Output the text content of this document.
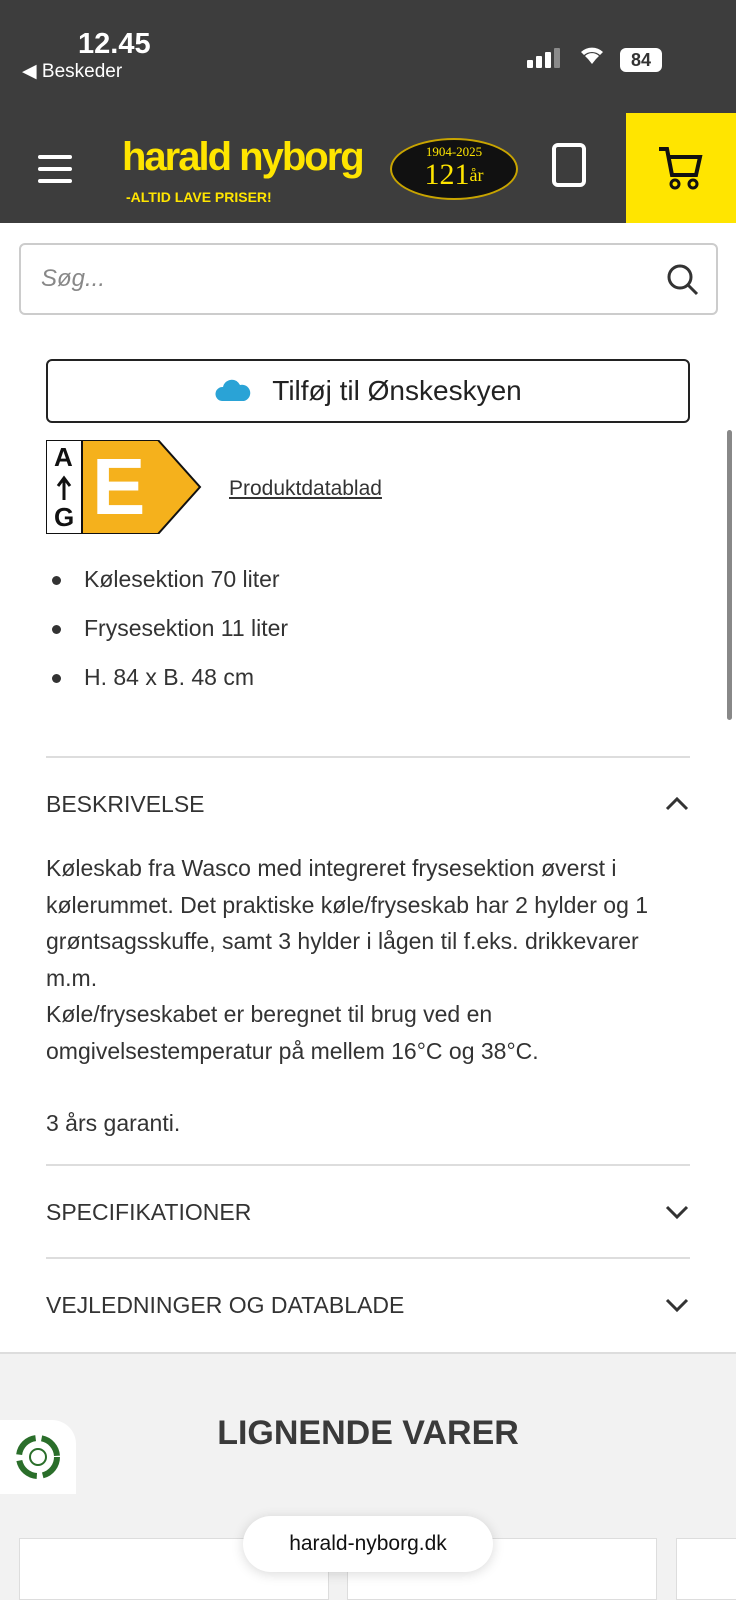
12.45
◀ Beskeder
84
harald nyborg
-ALTID LAVE PRISER!
1904-2025
$121^{år}$
Søg...
Tilføj til Ønskeskyen
A
G E	Produktdatablad
Kølesektion 70 liter
Frysesektion 11 liter
H. 84 x B. 48 cm
BESKRIVELSE
Køleskab fra Wasco med integreret frysesektion øverst i kølerummet. Det praktiske køle/fryseskab har 2 hylder og 1 grøntsagsskuffe, samt 3 hylder i lågen til f.eks. drikkevarer m.m.
Køle/fryseskabet er beregnet til brug ved en omgivelsestemperatur på mellem 16°C og 38°C.
3 års garanti.
SPECIFIKATIONER
VEJLEDNINGER OG DATABLADE
LIGNENDE VARER
harald-nyborg.dk
